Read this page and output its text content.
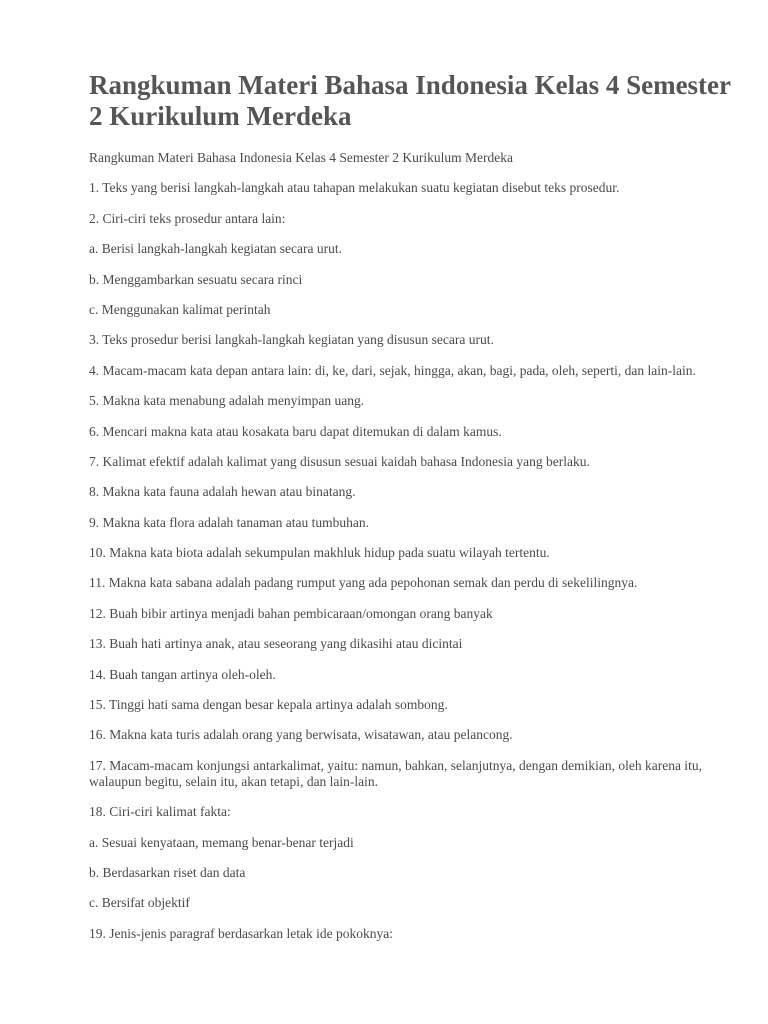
Rangkuman Materi Bahasa Indonesia Kelas 4 Semester 2 Kurikulum Merdeka

Rangkuman Materi Bahasa Indonesia Kelas 4 Semester 2 Kurikulum Merdeka

1. Teks yang berisi langkah-langkah atau tahapan melakukan suatu kegiatan disebut teks prosedur.

2. Ciri-ciri teks prosedur antara lain:

a. Berisi langkah-langkah kegiatan secara urut.

b. Menggambarkan sesuatu secara rinci

c. Menggunakan kalimat perintah

3. Teks prosedur berisi langkah-langkah kegiatan yang disusun secara urut.

4. Macam-macam kata depan antara lain: di, ke, dari, sejak, hingga, akan, bagi, pada, oleh, seperti, dan lain-lain.

5. Makna kata menabung adalah menyimpan uang.

6. Mencari makna kata atau kosakata baru dapat ditemukan di dalam kamus.

7. Kalimat efektif adalah kalimat yang disusun sesuai kaidah bahasa Indonesia yang berlaku.

8. Makna kata fauna adalah hewan atau binatang.

9. Makna kata flora adalah tanaman atau tumbuhan.

10. Makna kata biota adalah sekumpulan makhluk hidup pada suatu wilayah tertentu.

11. Makna kata sabana adalah padang rumput yang ada pepohonan semak dan perdu di sekelilingnya.

12. Buah bibir artinya menjadi bahan pembicaraan/omongan orang banyak

13. Buah hati artinya anak, atau seseorang yang dikasihi atau dicintai

14. Buah tangan artinya oleh-oleh.

15. Tinggi hati sama dengan besar kepala artinya adalah sombong.

16. Makna kata turis adalah orang yang berwisata, wisatawan, atau pelancong.

17. Macam-macam konjungsi antarkalimat, yaitu: namun, bahkan, selanjutnya, dengan demikian, oleh karena itu, walaupun begitu, selain itu, akan tetapi, dan lain-lain.

18. Ciri-ciri kalimat fakta:

a. Sesuai kenyataan, memang benar-benar terjadi

b. Berdasarkan riset dan data

c. Bersifat objektif

19. Jenis-jenis paragraf berdasarkan letak ide pokoknya:
